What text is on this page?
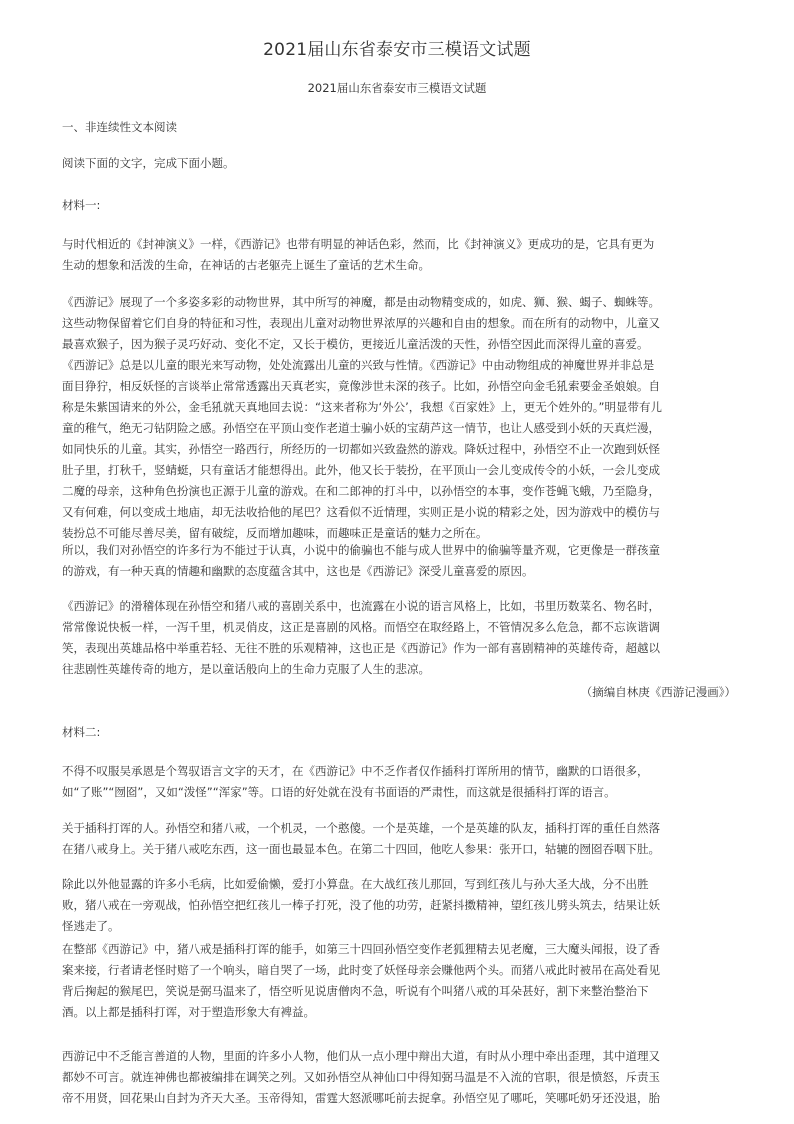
2021届山东省泰安市三模语文试题
2021届山东省泰安市三模语文试题

一、非连续性文本阅读

阅读下面的文字，完成下面小题。

材料一:

与时代相近的《封神演义》一样，《西游记》也带有明显的神话色彩，然而，比《封神演义》更成功的是，它具有更为
生动的想象和活泼的生命，在神话的古老躯壳上诞生了童话的艺术生命。
《西游记》展现了一个多姿多彩的动物世界，其中所写的神魔，都是由动物精变成的，如虎、狮、猴、蝎子、蜘蛛等。
这些动物保留着它们自身的特征和习性，表现出儿童对动物世界浓厚的兴趣和自由的想象。而在所有的动物中，儿童又
最喜欢猴子，因为猴子灵巧好动、变化不定，又长于模仿，更接近儿童活泼的天性，孙悟空因此而深得儿童的喜爱。
《西游记》总是以儿童的眼光来写动物，处处流露出儿童的兴致与性情。《西游记》中由动物组成的神魔世界并非总是
面目狰狞，相反妖怪的言谈举止常常透露出天真老实，竟像涉世未深的孩子。比如，孙悟空向金毛犼索要金圣娘娘。自
称是朱紫国请来的外公，金毛犼就天真地回去说：“这来者称为‘外公’，我想《百家姓》上，更无个姓外的。”明显带有儿
童的稚气，绝无刁钻阴险之感。孙悟空在平顶山变作老道士骗小妖的宝葫芦这一情节，也让人感受到小妖的天真烂漫，
如同快乐的儿童。其实，孙悟空一路西行，所经历的一切都如兴致盎然的游戏。降妖过程中，孙悟空不止一次跑到妖怪
肚子里，打秋千，竖蜻蜓，只有童话才能想得出。此外，他又长于装扮，在平顶山一会儿变成传令的小妖，一会儿变成
二魔的母亲，这种角色扮演也正源于儿童的游戏。在和二郎神的打斗中，以孙悟空的本事，变作苍蝇飞蛾，乃至隐身，
又有何难，何以变成土地庙，却无法收拾他的尾巴？这看似不近情理，实则正是小说的精彩之处，因为游戏中的模仿与
装扮总不可能尽善尽美，留有破绽，反而增加趣味，而趣味正是童话的魅力之所在。
所以，我们对孙悟空的许多行为不能过于认真，小说中的偷骗也不能与成人世界中的偷骗等量齐观，它更像是一群孩童
的游戏，有一种天真的情趣和幽默的态度蕴含其中，这也是《西游记》深受儿童喜爱的原因。
《西游记》的滑稽体现在孙悟空和猪八戒的喜剧关系中，也流露在小说的语言风格上，比如，书里历数菜名、物名时，
常常像说快板一样，一泻千里，机灵俏皮，这正是喜剧的风格。而悟空在取经路上，不管情况多么危急，都不忘诙谐调
笑，表现出英雄品格中举重若轻、无往不胜的乐观精神，这也正是《西游记》作为一部有喜剧精神的英雄传奇，超越以
往悲剧性英雄传奇的地方，是以童话般向上的生命力克服了人生的悲凉。

（摘编自林庚《西游记漫画》）

材料二:

不得不叹服吴承恩是个驾驭语言文字的天才，在《西游记》中不乏作者仅作插科打诨所用的情节，幽默的口语很多，
如“了账”“囫囵”，又如“泼怪”“浑家”等。口语的好处就在没有书面语的严肃性，而这就是很插科打诨的语言。
关于插科打诨的人。孙悟空和猪八戒，一个机灵，一个憨傻。一个是英雄，一个是英雄的队友，插科打诨的重任自然落
在猪八戒身上。关于猪八戒吃东西，这一面也最显本色。在第二十四回，他吃人参果：张开口，轱辘的囫囵吞咽下肚。
除此以外他显露的许多小毛病，比如爱偷懒，爱打小算盘。在大战红孩儿那回，写到红孩儿与孙大圣大战，分不出胜
败，猪八戒在一旁观战，怕孙悟空把红孩儿一棒子打死，没了他的功劳，赶紧抖擞精神，望红孩儿劈头筑去，结果让妖
怪逃走了。
在整部《西游记》中，猪八戒是插科打诨的能手，如第三十四回孙悟空变作老狐狸精去见老魔，三大魔头闻报，设了香
案来接，行者请老怪时赔了一个响头，暗自哭了一场，此时变了妖怪母亲会赚他两个头。而猪八戒此时被吊在高处看见
背后掬起的猴尾巴，笑说是弼马温来了，悟空听见说唐僧肉不急，听说有个叫猪八戒的耳朵甚好，割下来整治整治下
酒。以上都是插科打诨，对于塑造形象大有裨益。
西游记中不乏能言善道的人物，里面的许多小人物，他们从一点小理中辩出大道，有时从小理中牵出歪理，其中道理又
都妙不可言。就连神佛也都被编排在调笑之列。又如孙悟空从神仙口中得知弼马温是不入流的官职，很是愤怒，斥责玉
帝不用贤，回花果山自封为齐天大圣。玉帝得知，雷霆大怒派哪吒前去捉拿。孙悟空见了哪吒，笑哪吒奶牙还没退，胎
